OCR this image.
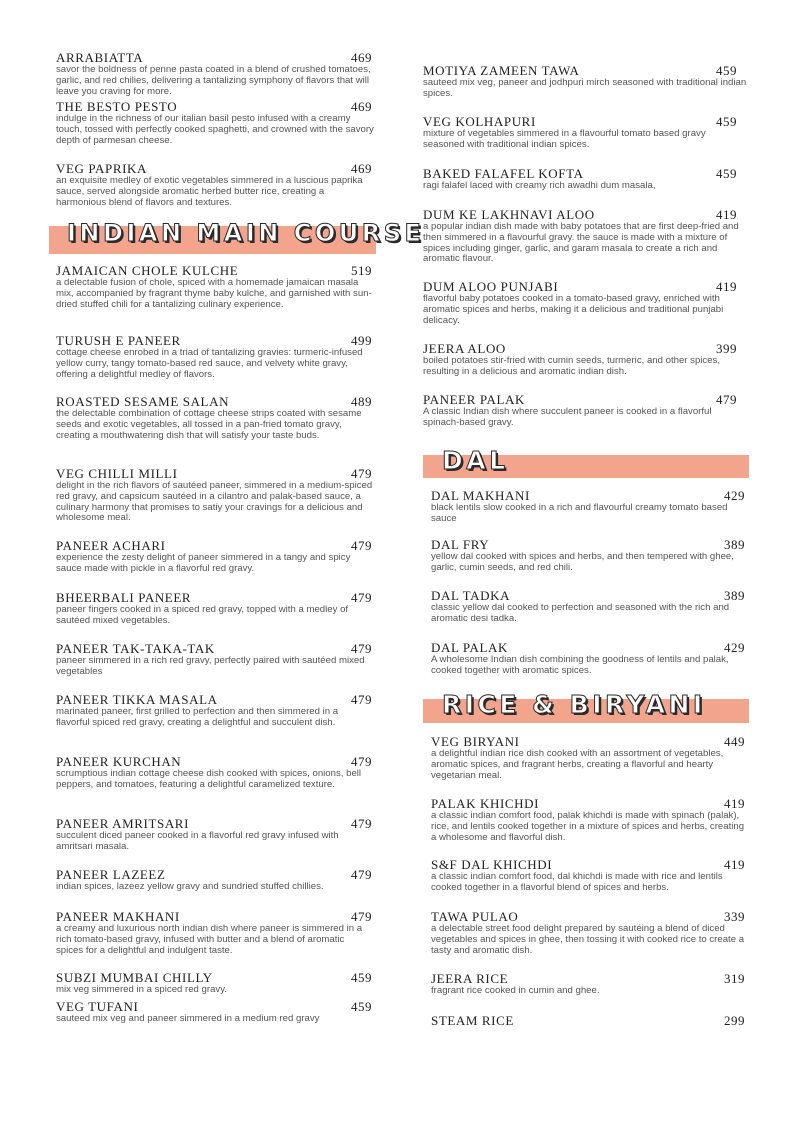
ARRABIATTA	469
savor the boldness of penne pasta coated in a blend of crushed tomatoes, garlic, and red chilies, delivering a tantalizing symphony of flavors that will leave you craving for more.
THE BESTO PESTO	469
indulge in the richness of our italian basil pesto infused with a creamy touch, tossed with perfectly cooked spaghetti, and crowned with the savory depth of parmesan cheese.
VEG PAPRIKA	469
an exquisite medley of exotic vegetables simmered in a luscious paprika sauce, served alongside aromatic herbed butter rice, creating a harmonious blend of flavors and textures.
INDIAN MAIN COURSE
JAMAICAN CHOLE KULCHE	519
a delectable fusion of chole, spiced with a homemade jamaican masala mix, accompanied by fragrant thyme baby kulche, and garnished with sun-dried stuffed chili for a tantalizing culinary experience.
TURUSH E PANEER	499
cottage cheese enrobed in a triad of tantalizing gravies: turmeric-infused yellow curry, tangy tomato-based red sauce, and velvety white gravy, offering a delightful medley of flavors.
ROASTED SESAME SALAN	489
the delectable combination of cottage cheese strips coated with sesame seeds and exotic vegetables, all tossed in a pan-fried tomato gravy, creating a mouthwatering dish that will satisfy your taste buds.
VEG CHILLI MILLI	479
delight in the rich flavors of sautéed paneer, simmered in a medium-spiced red gravy, and capsicum sautéed in a cilantro and palak-based sauce, a culinary harmony that promises to satiy your cravings for a delicious and wholesome meal.
PANEER ACHARI	479
experience the zesty delight of paneer simmered in a tangy and spicy sauce made with pickle in a flavorful red gravy.
BHEERBALI PANEER	479
paneer fingers cooked in a spiced red gravy, topped with a medley of sautéed mixed vegetables.
PANEER TAK-TAKA-TAK	479
paneer simmered in a rich red gravy, perfectly paired with sautéed mixed vegetables
PANEER TIKKA MASALA	479
marinated paneer, first grilled to perfection and then simmered in a flavorful spiced red gravy, creating a delightful and succulent dish.
PANEER KURCHAN	479
scrumptious indian cottage cheese dish cooked with spices, onions, bell peppers, and tomatoes, featuring a delightful caramelized texture.
PANEER AMRITSARI	479
succulent diced paneer cooked in a flavorful red gravy infused with amritsari masala.
PANEER LAZEEZ	479
indian spices, lazeez yellow gravy and sundried stuffed chillies.
PANEER MAKHANI	479
a creamy and luxurious north indian dish where paneer is simmered in a rich tomato-based gravy, infused with butter and a blend of aromatic spices for a delightful and indulgent taste.
SUBZI MUMBAI CHILLY	459
mix veg simmered in a spiced red gravy.
VEG TUFANI	459
sauteed mix veg and paneer simmered in a medium red gravy
MOTIYA ZAMEEN TAWA	459
sauteed mix veg, paneer and jodhpuri mirch seasoned with traditional indian spices.
VEG KOLHAPURI	459
mixture of vegetables simmered in a flavourful tomato based gravy seasoned with traditional indian spices.
BAKED FALAFEL KOFTA	459
ragi falafel laced with creamy rich awadhi dum masala,
DUM KE LAKHNAVI ALOO	419
a popular indian dish made with baby potatoes that are first deep-fried and then simmered in a flavourful gravy. the sauce is made with a mixture of spices including ginger, garlic, and garam masala to create a rich and aromatic flavour.
DUM ALOO PUNJABI	419
flavorful baby potatoes cooked in a tomato-based gravy, enriched with aromatic spices and herbs, making it a delicious and traditional punjabi delicacy.
JEERA ALOO	399
boiled potatoes stir-fried with cumin seeds, turmeric, and other spices, resulting in a delicious and aromatic indian dish.
PANEER PALAK	479
A classic Indian dish where succulent paneer is cooked in a flavorful spinach-based gravy.
DAL
DAL MAKHANI	429
black lentils slow cooked in a rich and flavourful creamy tomato based sauce
DAL FRY	389
yellow dal cooked with spices and herbs, and then tempered with ghee, garlic, cumin seeds, and red chili.
DAL TADKA	389
classic yellow dal cooked to perfection and seasoned with the rich and aromatic desi tadka.
DAL PALAK	429
A wholesome Indian dish combining the goodness of lentils and palak, cooked together with aromatic spices.
RICE & BIRYANI
VEG BIRYANI	449
a delightful indian rice dish cooked with an assortment of vegetables, aromatic spices, and fragrant herbs, creating a flavorful and hearty vegetarian meal.
PALAK KHICHDI	419
a classic indian comfort food, palak khichdi is made with spinach (palak), rice, and lentils cooked together in a mixture of spices and herbs, creating a wholesome and flavorful dish.
S&F DAL KHICHDI	419
a classic indian comfort food, dal khichdi is made with rice and lentils cooked together in a flavorful blend of spices and herbs.
TAWA PULAO	339
a delectable street food delight prepared by sautéing a blend of diced vegetables and spices in ghee, then tossing it with cooked rice to create a tasty and aromatic dish.
JEERA RICE	319
fragrant rice cooked in cumin and ghee.
STEAM RICE	299
